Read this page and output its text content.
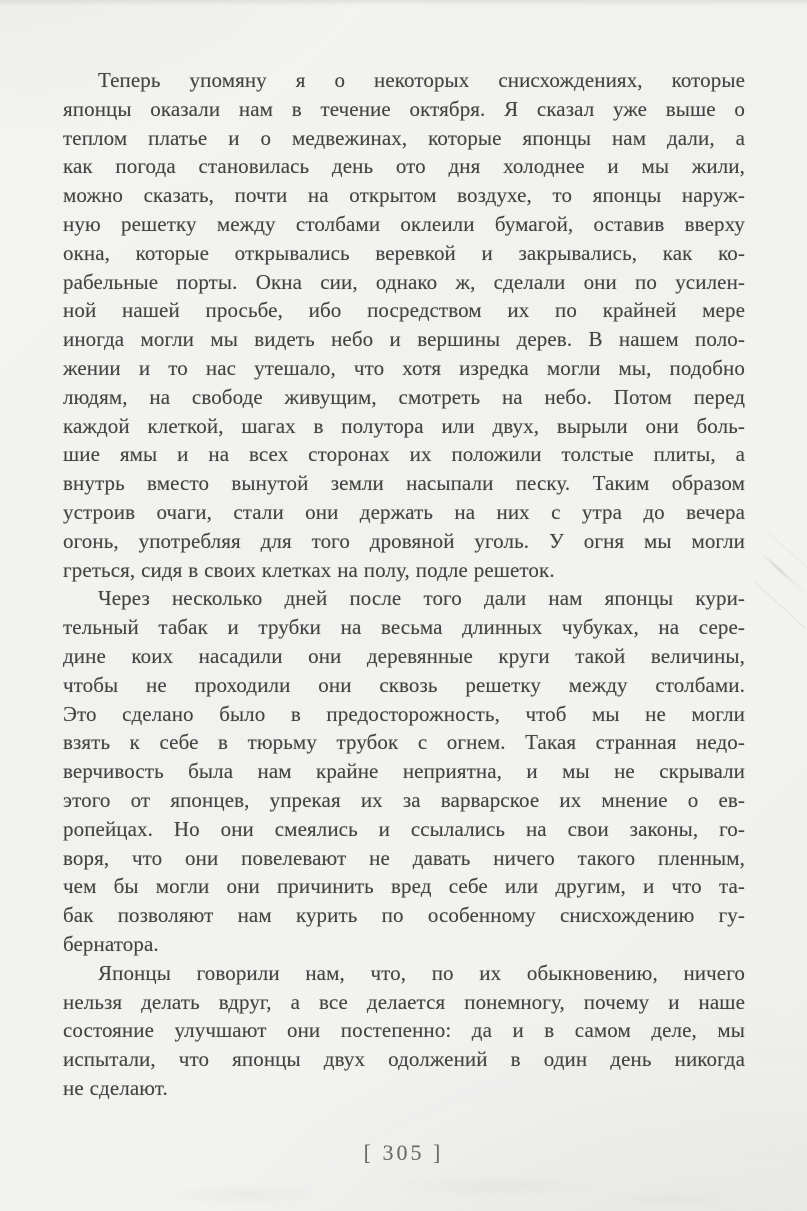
Теперь упомяну я о некоторых снисхождениях, которые
японцы оказали нам в течение октября. Я сказал уже выше о
теплом платье и о медвежинах, которые японцы нам дали, а
как погода становилась день ото дня холоднее и мы жили,
можно сказать, почти на открытом воздухе, то японцы наруж-
ную решетку между столбами оклеили бумагой, оставив вверху
окна, которые открывались веревкой и закрывались, как ко-
рабельные порты. Окна сии, однако ж, сделали они по усилен-
ной нашей просьбе, ибо посредством их по крайней мере
иногда могли мы видеть небо и вершины дерев. В нашем поло-
жении и то нас утешало, что хотя изредка могли мы, подобно
людям, на свободе живущим, смотреть на небо. Потом перед
каждой клеткой, шагах в полутора или двух, вырыли они боль-
шие ямы и на всех сторонах их положили толстые плиты, а
внутрь вместо вынутой земли насыпали песку. Таким образом
устроив очаги, стали они держать на них с утра до вечера
огонь, употребляя для того дровяной уголь. У огня мы могли
греться, сидя в своих клетках на полу, подле решеток.

Через несколько дней после того дали нам японцы кури-
тельный табак и трубки на весьма длинных чубуках, на сере-
дине коих насадили они деревянные круги такой величины,
чтобы не проходили они сквозь решетку между столбами.
Это сделано было в предосторожность, чтоб мы не могли
взять к себе в тюрьму трубок с огнем. Такая странная недо-
верчивость была нам крайне неприятна, и мы не скрывали
этого от японцев, упрекая их за варварское их мнение о ев-
ропейцах. Но они смеялись и ссылались на свои законы, го-
воря, что они повелевают не давать ничего такого пленным,
чем бы могли они причинить вред себе или другим, и что та-
бак позволяют нам курить по особенному снисхождению гу-
бернатора.

Японцы говорили нам, что, по их обыкновению, ничего
нельзя делать вдруг, а все делается понемногу, почему и наше
состояние улучшают они постепенно: да и в самом деле, мы
испытали, что японцы двух одолжений в один день никогда
не сделают.

[ 305 ]
